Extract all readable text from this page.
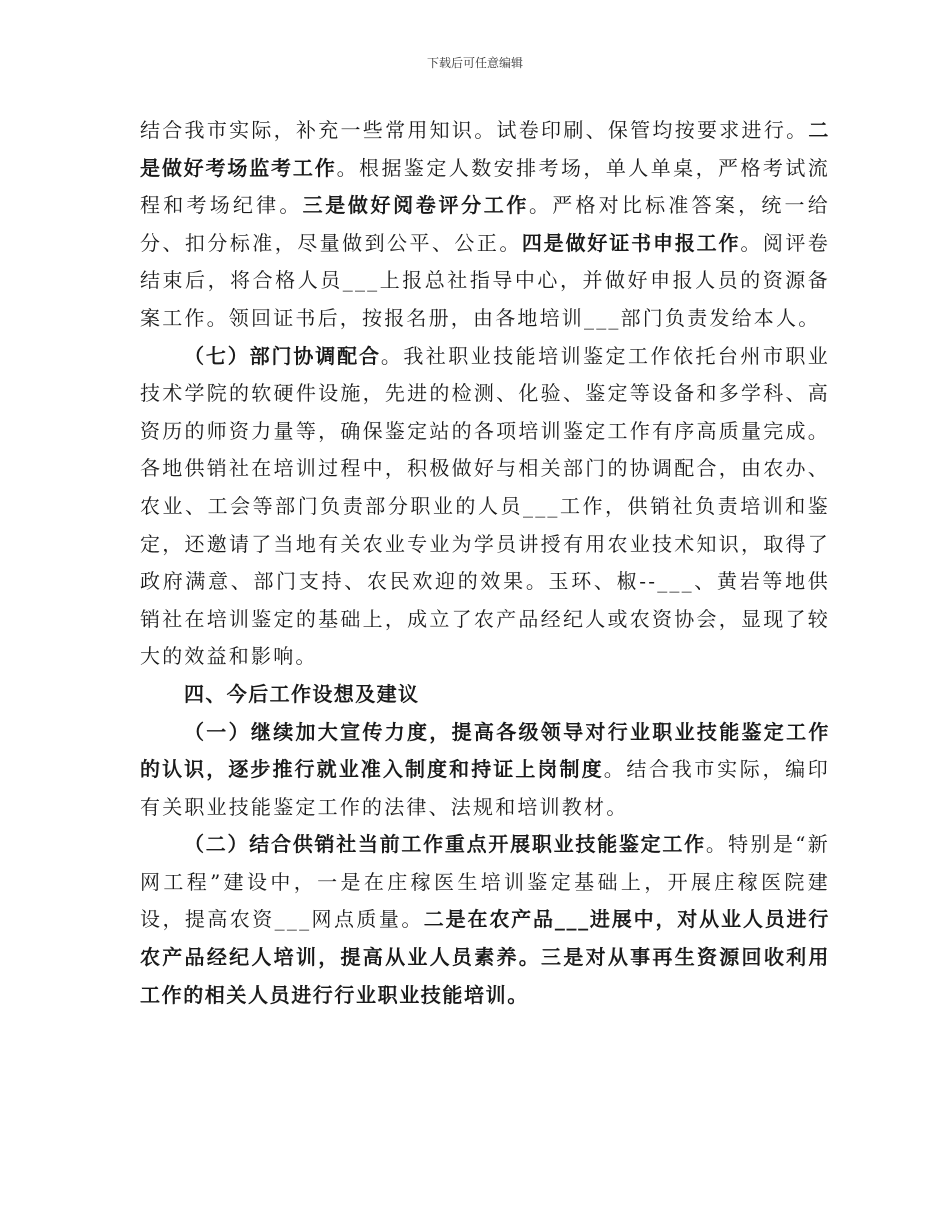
下载后可任意编辑

结合我市实际，补充一些常用知识。试卷印刷、保管均按要求进行。二是做好考场监考工作。根据鉴定人数安排考场，单人单桌，严格考试流程和考场纪律。三是做好阅卷评分工作。严格对比标准答案，统一给分、扣分标准，尽量做到公平、公正。四是做好证书申报工作。阅评卷结束后，将合格人员___上报总社指导中心，并做好申报人员的资源备案工作。领回证书后，按报名册，由各地培训___部门负责发给本人。

（七）部门协调配合。我社职业技能培训鉴定工作依托台州市职业技术学院的软硬件设施，先进的检测、化验、鉴定等设备和多学科、高资历的师资力量等，确保鉴定站的各项培训鉴定工作有序高质量完成。各地供销社在培训过程中，积极做好与相关部门的协调配合，由农办、农业、工会等部门负责部分职业的人员___工作，供销社负责培训和鉴定，还邀请了当地有关农业专业为学员讲授有用农业技术知识，取得了政府满意、部门支持、农民欢迎的效果。玉环、椒--___、黄岩等地供销社在培训鉴定的基础上，成立了农产品经纪人或农资协会，显现了较大的效益和影响。

四、今后工作设想及建议

（一）继续加大宣传力度，提高各级领导对行业职业技能鉴定工作的认识，逐步推行就业准入制度和持证上岗制度。结合我市实际，编印有关职业技能鉴定工作的法律、法规和培训教材。

（二）结合供销社当前工作重点开展职业技能鉴定工作。特别是“新网工程”建设中，一是在庄稼医生培训鉴定基础上，开展庄稼医院建设，提高农资___网点质量。二是在农产品___进展中，对从业人员进行农产品经纪人培训，提高从业人员素养。三是对从事再生资源回收利用工作的相关人员进行行业职业技能培训。
